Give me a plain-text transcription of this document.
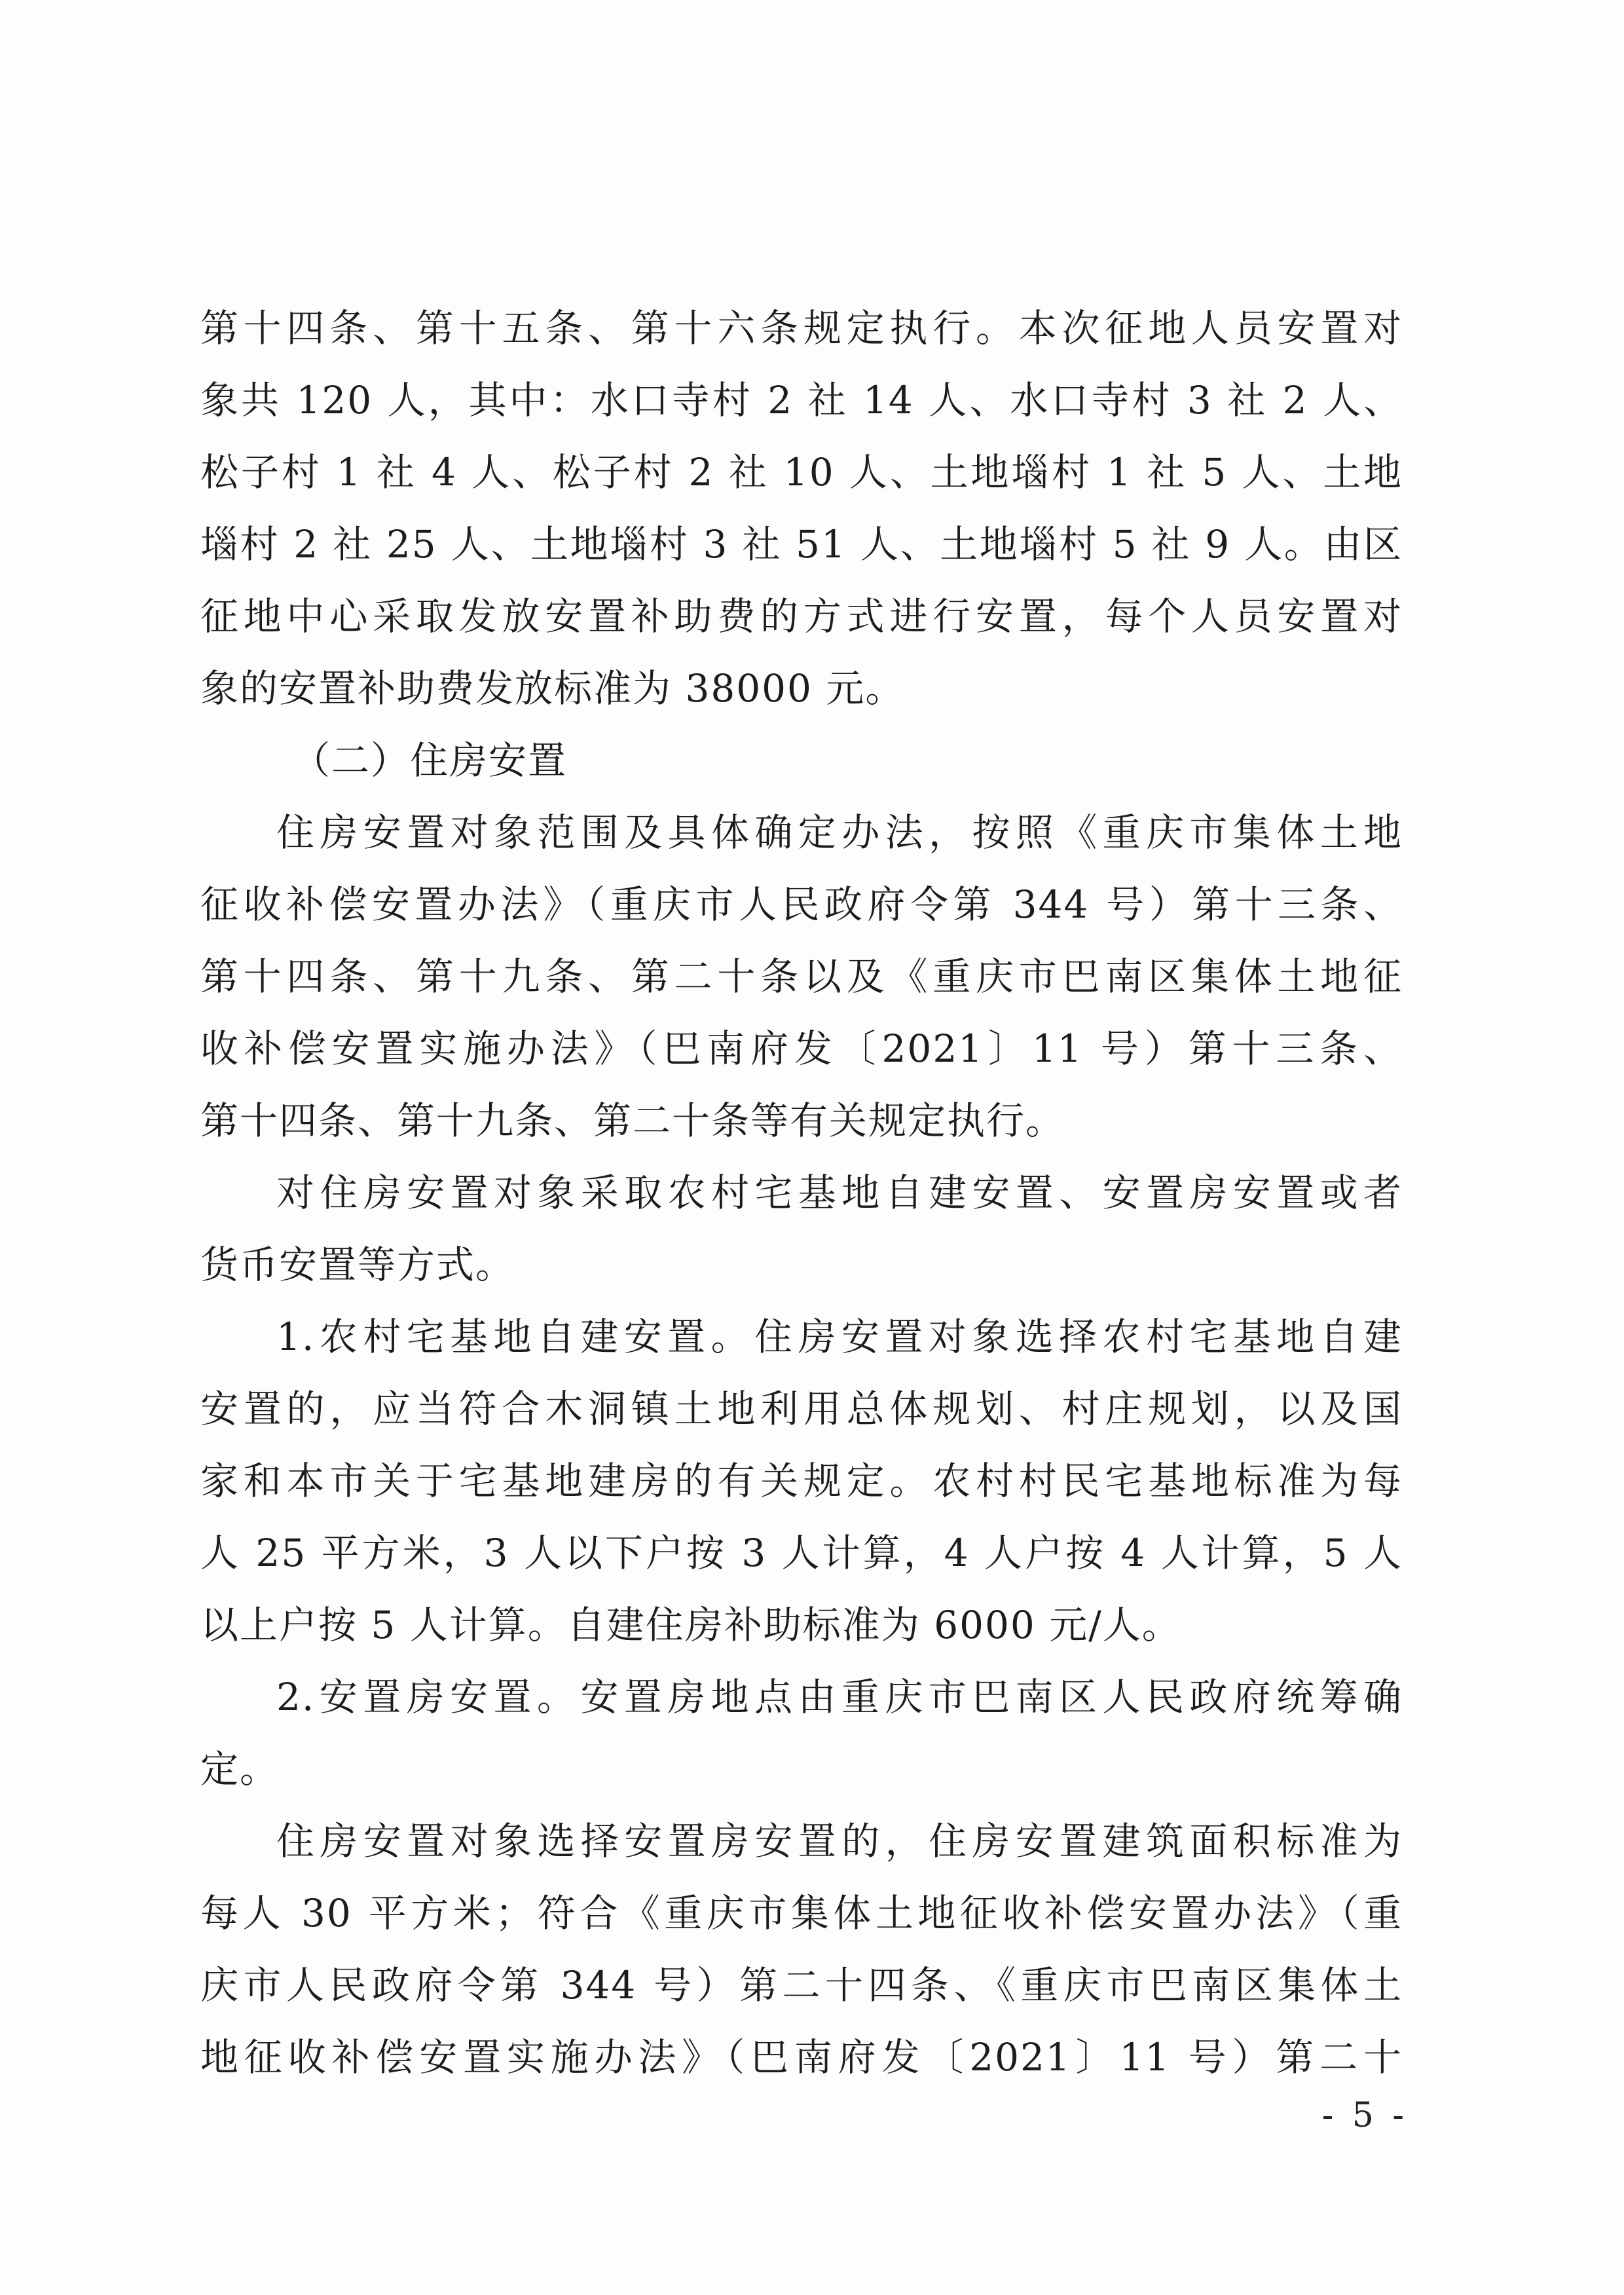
第十四条、第十五条、第十六条规定执行。本次征地人员安置对
象共 120 人，其中：水口寺村 2 社 14 人、水口寺村 3 社 2 人、
松子村 1 社 4 人、松子村 2 社 10 人、土地堖村 1 社 5 人、土地
堖村 2 社 25 人、土地堖村 3 社 51 人、土地堖村 5 社 9 人。由区
征地中心采取发放安置补助费的方式进行安置，每个人员安置对
象的安置补助费发放标准为 38000 元。
（二）住房安置
住房安置对象范围及具体确定办法，按照《重庆市集体土地
征收补偿安置办法》（重庆市人民政府令第 344 号）第十三条、
第十四条、第十九条、第二十条以及《重庆市巴南区集体土地征
收补偿安置实施办法》（巴南府发〔2021〕11 号）第十三条、
第十四条、第十九条、第二十条等有关规定执行。
对住房安置对象采取农村宅基地自建安置、安置房安置或者
货币安置等方式。
1.农村宅基地自建安置。住房安置对象选择农村宅基地自建
安置的，应当符合木洞镇土地利用总体规划、村庄规划，以及国
家和本市关于宅基地建房的有关规定。农村村民宅基地标准为每
人 25 平方米，3 人以下户按 3 人计算，4 人户按 4 人计算，5 人
以上户按 5 人计算。自建住房补助标准为 6000 元/人。
2.安置房安置。安置房地点由重庆市巴南区人民政府统筹确
定。
住房安置对象选择安置房安置的，住房安置建筑面积标准为
每人 30 平方米；符合《重庆市集体土地征收补偿安置办法》（重
庆市人民政府令第 344 号）第二十四条、《重庆市巴南区集体土
地征收补偿安置实施办法》（巴南府发〔2021〕11 号）第二十
- 5 -
